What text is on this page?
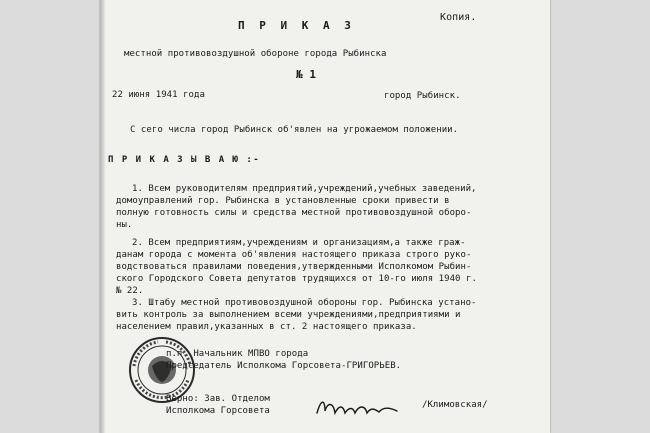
Копия.
П Р И К А З
местной противовоздушной обороне города Рыбинска
№ 1
22 июня 1941 года	город Рыбинск.
С сего числа город Рыбинск об'явлен на угрожаемом положении.
П Р И К А З Ы В А Ю :-
1. Всем руководителям предприятий,учреждений,учебных заведений,
домоуправлений гор. Рыбинска в установленные сроки привести в
полную готовность силы и средства местной противовоздушной оборо-
ны.
2. Всем предприятиям,учреждениям и организациям,а также граж-
данам города с момента об'явления настоящего приказа строго руко-
водствоваться правилами поведения,утвержденными Исполкомом Рыбин-
ского Городского Совета депутатов трудящихся от 10-го июля 1940 г.
№ 22.
3. Штабу местной противовоздушной обороны гор. Рыбинска устано-
вить контроль за выполнением всеми учреждениями,предприятиями и
населением правил,указанных в ст. 2 настоящего приказа.
п.п. Начальник МПВО города
Председатель Исполкома Горсовета-ГРИГОРЬЕВ.
Верно: Зав. Отделом
Исполкома Горсовета
/Климовская/
